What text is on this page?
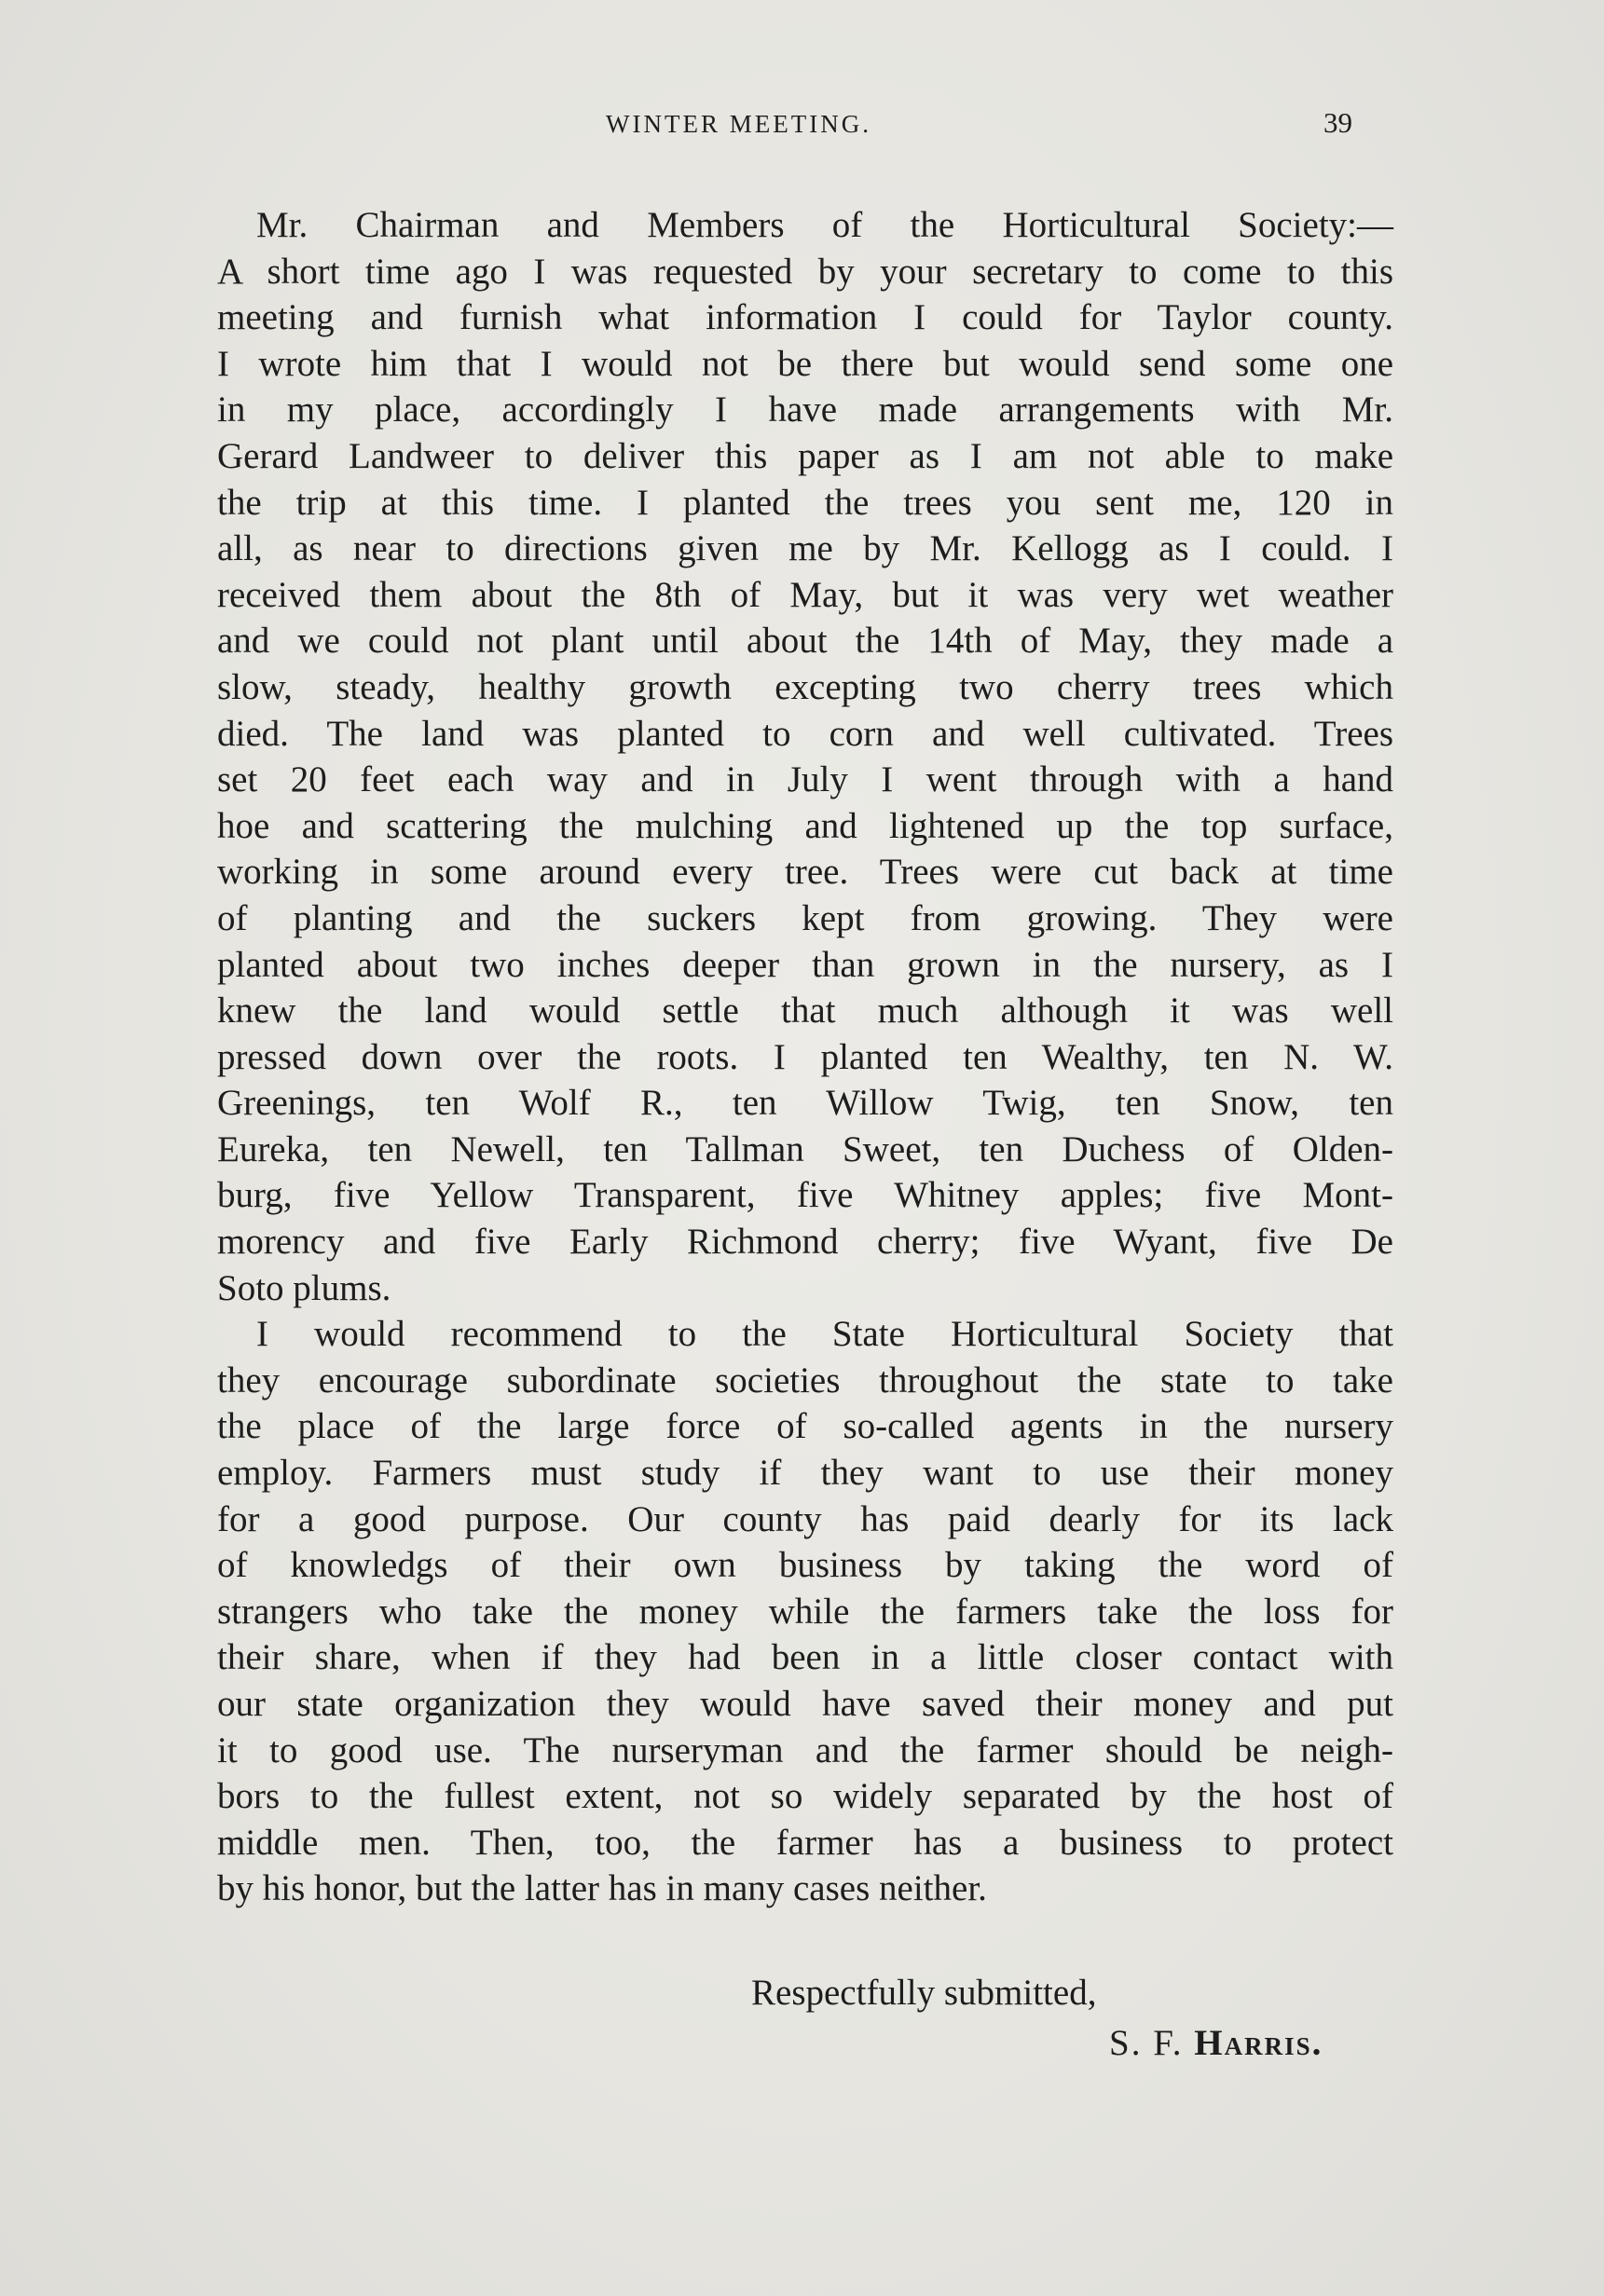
WINTER MEETING.	39
Mr. Chairman and Members of the Horticultural Society:—
A short time ago I was requested by your secretary to come to this
meeting and furnish what information I could for Taylor county.
I wrote him that I would not be there but would send some one
in my place, accordingly I have made arrangements with Mr.
Gerard Landweer to deliver this paper as I am not able to make
the trip at this time. I planted the trees you sent me, 120 in
all, as near to directions given me by Mr. Kellogg as I could. I
received them about the 8th of May, but it was very wet weather
and we could not plant until about the 14th of May, they made a
slow, steady, healthy growth excepting two cherry trees which
died. The land was planted to corn and well cultivated. Trees
set 20 feet each way and in July I went through with a hand
hoe and scattering the mulching and lightened up the top surface,
working in some around every tree. Trees were cut back at time
of planting and the suckers kept from growing. They were
planted about two inches deeper than grown in the nursery, as I
knew the land would settle that much although it was well
pressed down over the roots. I planted ten Wealthy, ten N. W.
Greenings, ten Wolf R., ten Willow Twig, ten Snow, ten
Eureka, ten Newell, ten Tallman Sweet, ten Duchess of Olden-
burg, five Yellow Transparent, five Whitney apples; five Mont-
morency and five Early Richmond cherry; five Wyant, five De
Soto plums.
I would recommend to the State Horticultural Society that
they encourage subordinate societies throughout the state to take
the place of the large force of so-called agents in the nursery
employ. Farmers must study if they want to use their money
for a good purpose. Our county has paid dearly for its lack
of knowledgs of their own business by taking the word of
strangers who take the money while the farmers take the loss for
their share, when if they had been in a little closer contact with
our state organization they would have saved their money and put
it to good use. The nurseryman and the farmer should be neigh-
bors to the fullest extent, not so widely separated by the host of
middle men. Then, too, the farmer has a business to protect
by his honor, but the latter has in many cases neither.
Respectfully submitted,
S. F. Harris.
